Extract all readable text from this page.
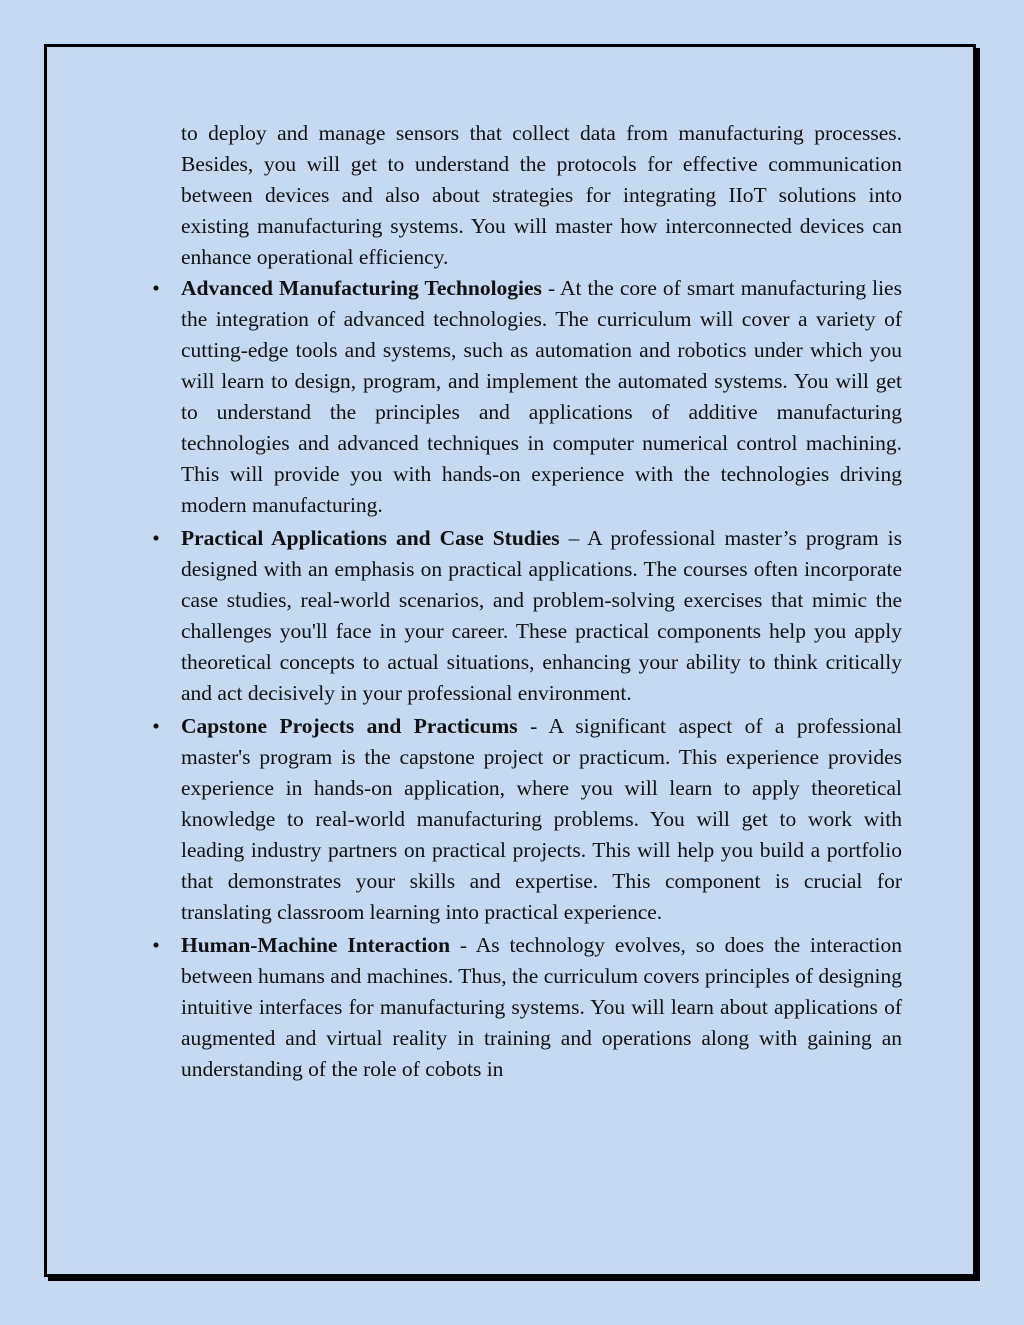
to deploy and manage sensors that collect data from manufacturing processes. Besides, you will get to understand the protocols for effective communication between devices and also about strategies for integrating IIoT solutions into existing manufacturing systems. You will master how interconnected devices can enhance operational efficiency.

• Advanced Manufacturing Technologies - At the core of smart manufacturing lies the integration of advanced technologies. The curriculum will cover a variety of cutting-edge tools and systems, such as automation and robotics under which you will learn to design, program, and implement the automated systems. You will get to understand the principles and applications of additive manufacturing technologies and advanced techniques in computer numerical control machining. This will provide you with hands-on experience with the technologies driving modern manufacturing.
• Practical Applications and Case Studies – A professional master’s program is designed with an emphasis on practical applications. The courses often incorporate case studies, real-world scenarios, and problem-solving exercises that mimic the challenges you'll face in your career. These practical components help you apply theoretical concepts to actual situations, enhancing your ability to think critically and act decisively in your professional environment.
• Capstone Projects and Practicums - A significant aspect of a professional master's program is the capstone project or practicum. This experience provides experience in hands-on application, where you will learn to apply theoretical knowledge to real-world manufacturing problems. You will get to work with leading industry partners on practical projects. This will help you build a portfolio that demonstrates your skills and expertise. This component is crucial for translating classroom learning into practical experience.
• Human-Machine Interaction - As technology evolves, so does the interaction between humans and machines. Thus, the curriculum covers principles of designing intuitive interfaces for manufacturing systems. You will learn about applications of augmented and virtual reality in training and operations along with gaining an understanding of the role of cobots in
